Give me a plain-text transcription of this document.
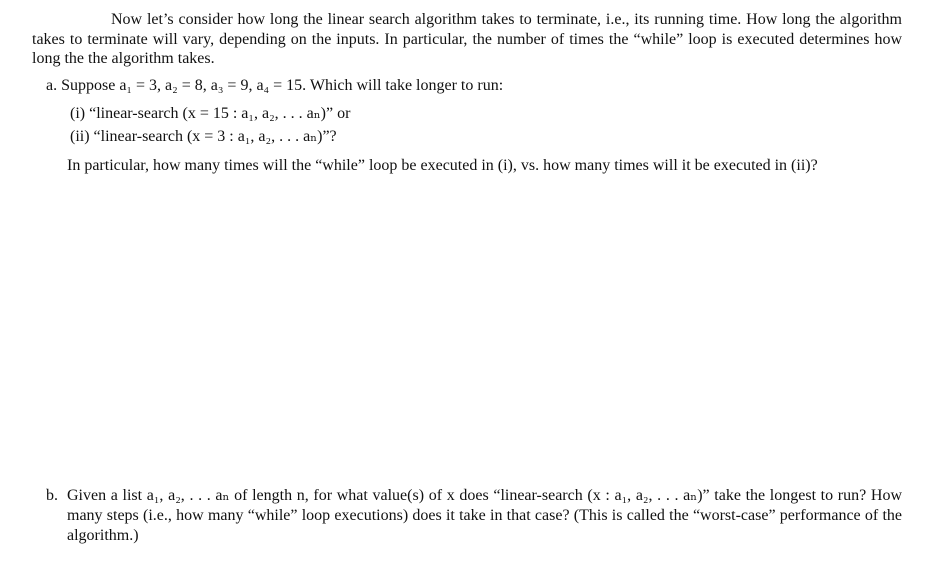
Now let’s consider how long the linear search algorithm takes to terminate, i.e., its running time. How long the algorithm takes to terminate will vary, depending on the inputs. In particular, the number of times the “while” loop is executed determines how long the the algorithm takes.

a. Suppose a₁ = 3, a₂ = 8, a₃ = 9, a₄ = 15. Which will take longer to run:
(i) “linear-search (x = 15 : a₁, a₂, . . . aₙ)” or
(ii) “linear-search (x = 3 : a₁, a₂, . . . aₙ)”?
In particular, how many times will the “while” loop be executed in (i), vs. how many times will it be executed in (ii)?
b. Given a list a₁, a₂, . . . aₙ of length n, for what value(s) of x does “linear-search (x : a₁, a₂, . . . aₙ)” take the longest to run? How many steps (i.e., how many “while” loop executions) does it take in that case? (This is called the “worst-case” performance of the algorithm.)
